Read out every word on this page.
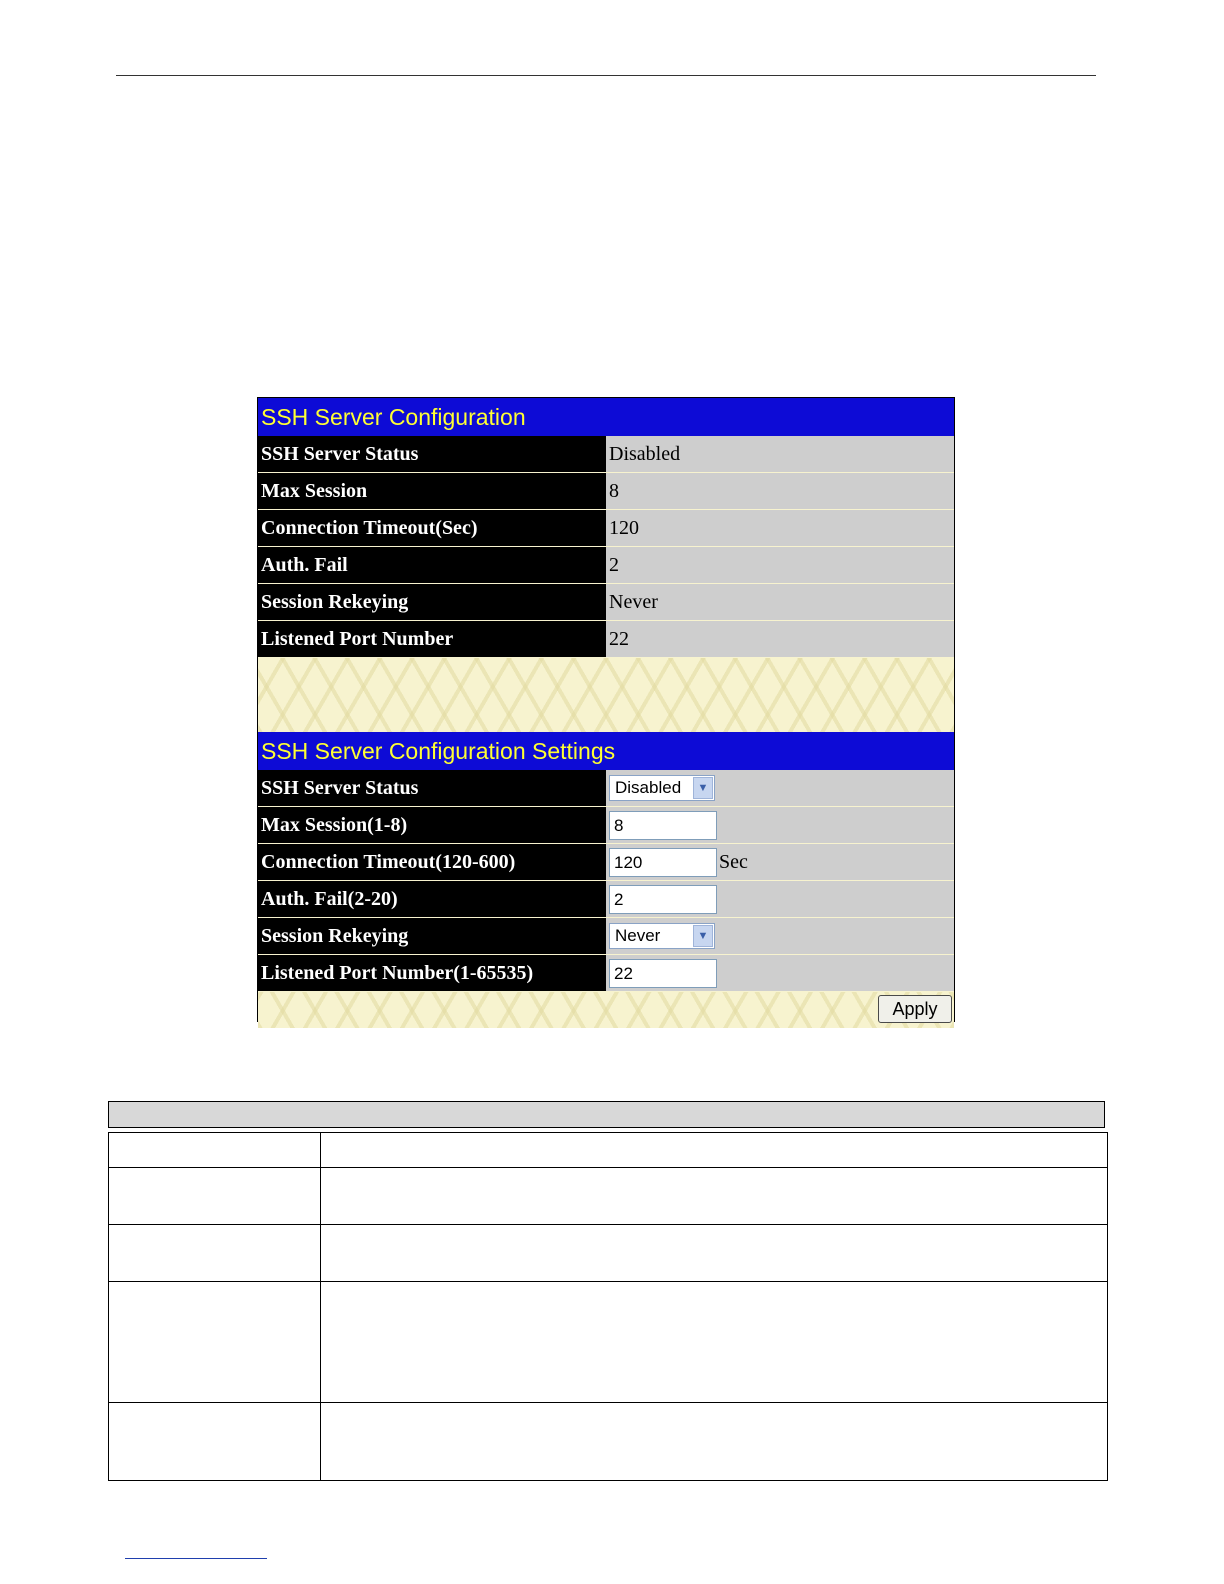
SSH Server Configuration
SSH Server Status	Disabled
Max Session	8
Connection Timeout(Sec)	120
Auth. Fail	2
Session Rekeying	Never
Listened Port Number	22
SSH Server Configuration Settings
SSH Server Status	Disabled	▼
Max Session(1-8)	8
Connection Timeout(120-600)	120	Sec
Auth. Fail(2-20)	2
Session Rekeying	Never	▼
Listened Port Number(1-65535)	22
Apply
